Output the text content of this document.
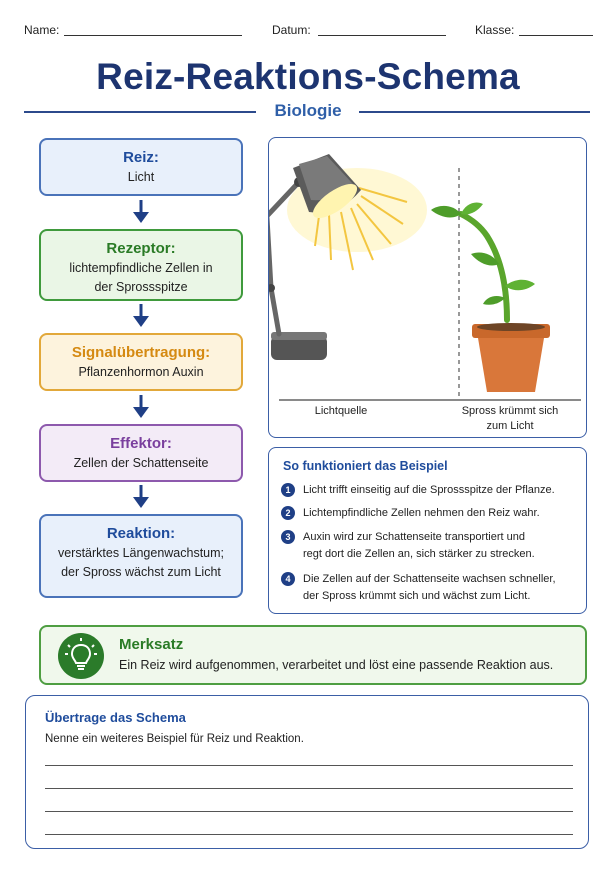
Name:	Datum:	Klasse:
Reiz-Reaktions-Schema
Biologie
Reiz:
Licht
Rezeptor:
lichtempfindliche Zellen in
der Sprossspitze
Signalübertragung:
Pflanzenhormon Auxin
Effektor:
Zellen der Schattenseite
Reaktion:
verstärktes Längenwachstum;
der Spross wächst zum Licht
Lichtquelle	Spross krümmt sich
zum Licht
So funktioniert das Beispiel
1	Licht trifft einseitig auf die Sprossspitze der Pflanze.
2	Lichtempfindliche Zellen nehmen den Reiz wahr.
3	Auxin wird zur Schattenseite transportiert und
regt dort die Zellen an, sich stärker zu strecken.
4	Die Zellen auf der Schattenseite wachsen schneller,
der Spross krümmt sich und wächst zum Licht.
Merksatz
Ein Reiz wird aufgenommen, verarbeitet und löst eine passende Reaktion aus.
Übertrage das Schema
Nenne ein weiteres Beispiel für Reiz und Reaktion.
